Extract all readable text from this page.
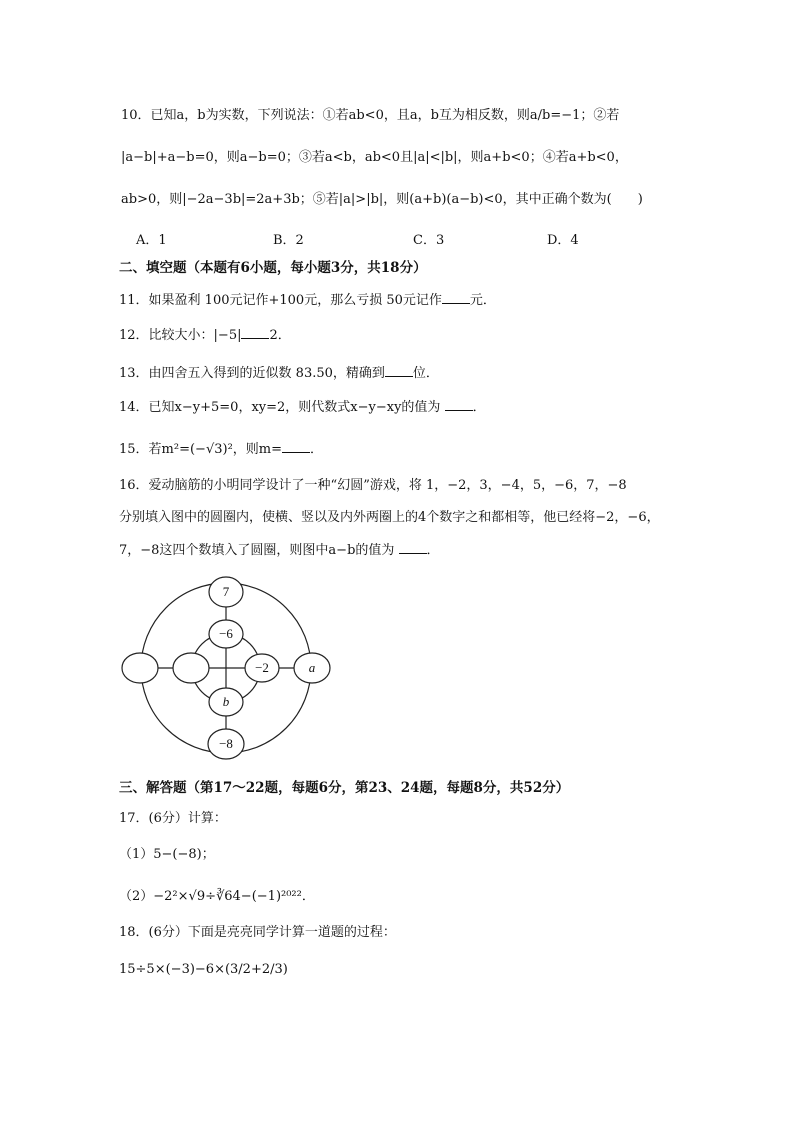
10．已知a，b为实数，下列说法：①若ab<0，且a，b互为相反数，则a/b=−1；②若
|a−b|+a−b=0，则a−b=0；③若a<b，ab<0且|a|<|b|，则a+b<0；④若a+b<0，
ab>0，则|−2a−3b|=2a+3b；⑤若|a|>|b|，则(a+b)(a−b)<0，其中正确个数为(　　)
A．1	B．2	C．3	D．4
二、填空题（本题有6小题，每小题3分，共18分）
11．如果盈利 100元记作+100元，那么亏损 50元记作 元．
12．比较大小：|−5| 2．
13．由四舍五入得到的近似数 83.50，精确到 位．
14．已知x−y+5=0，xy=2，则代数式x−y−xy的值为 ．
15．若m²=(−√3)²，则m= ．
16．爱动脑筋的小明同学设计了一种“幻圆”游戏，将 1，−2，3，−4，5，−6，7，−8
分别填入图中的圆圈内，使横、竖以及内外两圈上的4个数字之和都相等，他已经将−2，−6，
7，−8这四个数填入了圆圈，则图中a−b的值为 ．
7
−6
−2	a
b
−8
三、解答题（第17～22题，每题6分，第23、24题，每题8分，共52分）
17．(6分）计算：
（1）5−(−8)；
（2）−2²×√9÷∛64−(−1)²⁰²²．
18．(6分）下面是亮亮同学计算一道题的过程：
15÷5×(−3)−6×(3/2+2/3)
